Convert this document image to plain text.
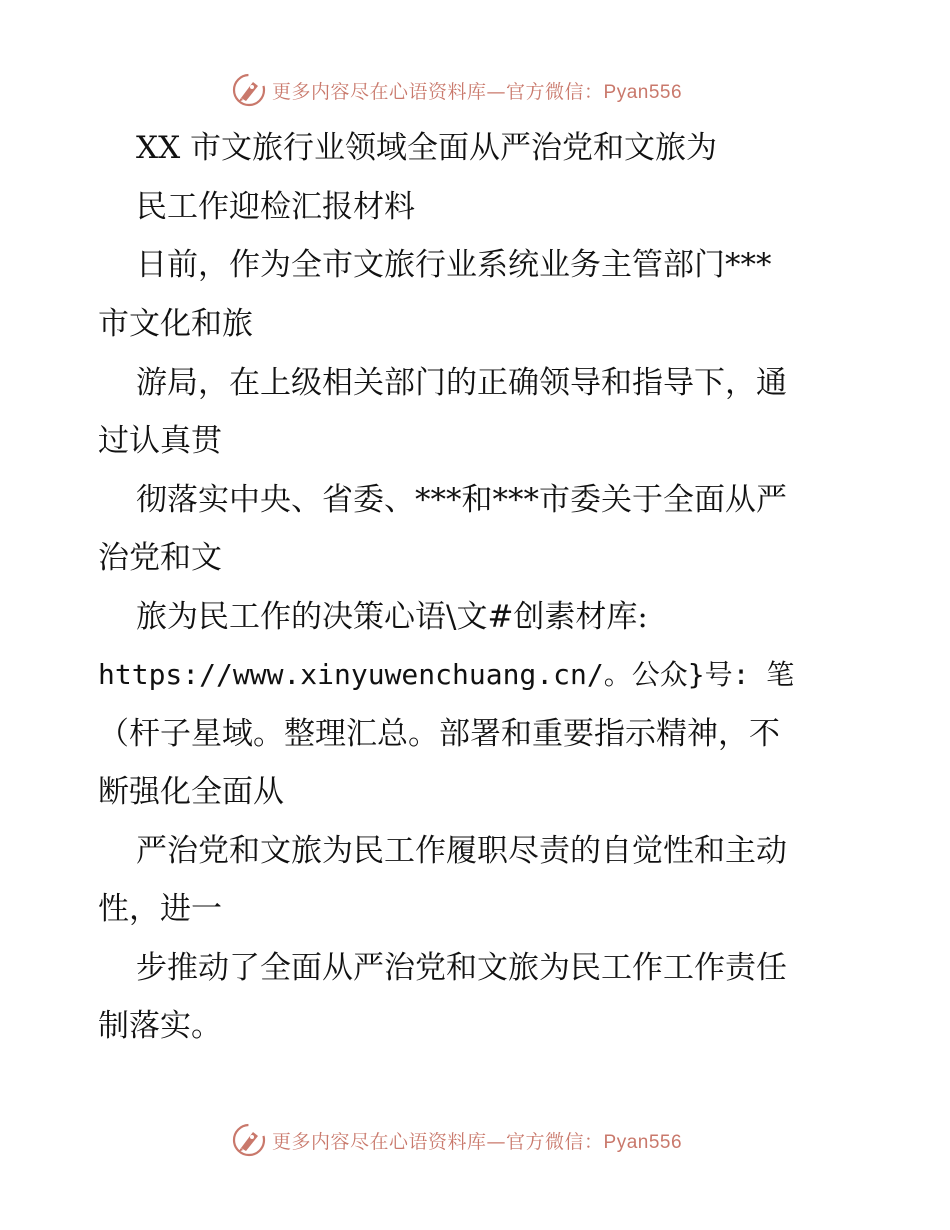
更多内容尽在心语资料库—官方微信：Pyan556
XX 市文旅行业领域全面从严治党和文旅为
民工作迎检汇报材料
日前，作为全市文旅行业系统业务主管部门***
市文化和旅
游局，在上级相关部门的正确领导和指导下，通
过认真贯
彻落实中央、省委、***和***市委关于全面从严
治党和文
旅为民工作的决策心语\文#创素材库:
https://www.xinyuwenchuang.cn/。公众}号: 笔
（杆子星域。整理汇总。部署和重要指示精神，不
断强化全面从
严治党和文旅为民工作履职尽责的自觉性和主动
性，进一
步推动了全面从严治党和文旅为民工作工作责任
制落实。
更多内容尽在心语资料库—官方微信：Pyan556
